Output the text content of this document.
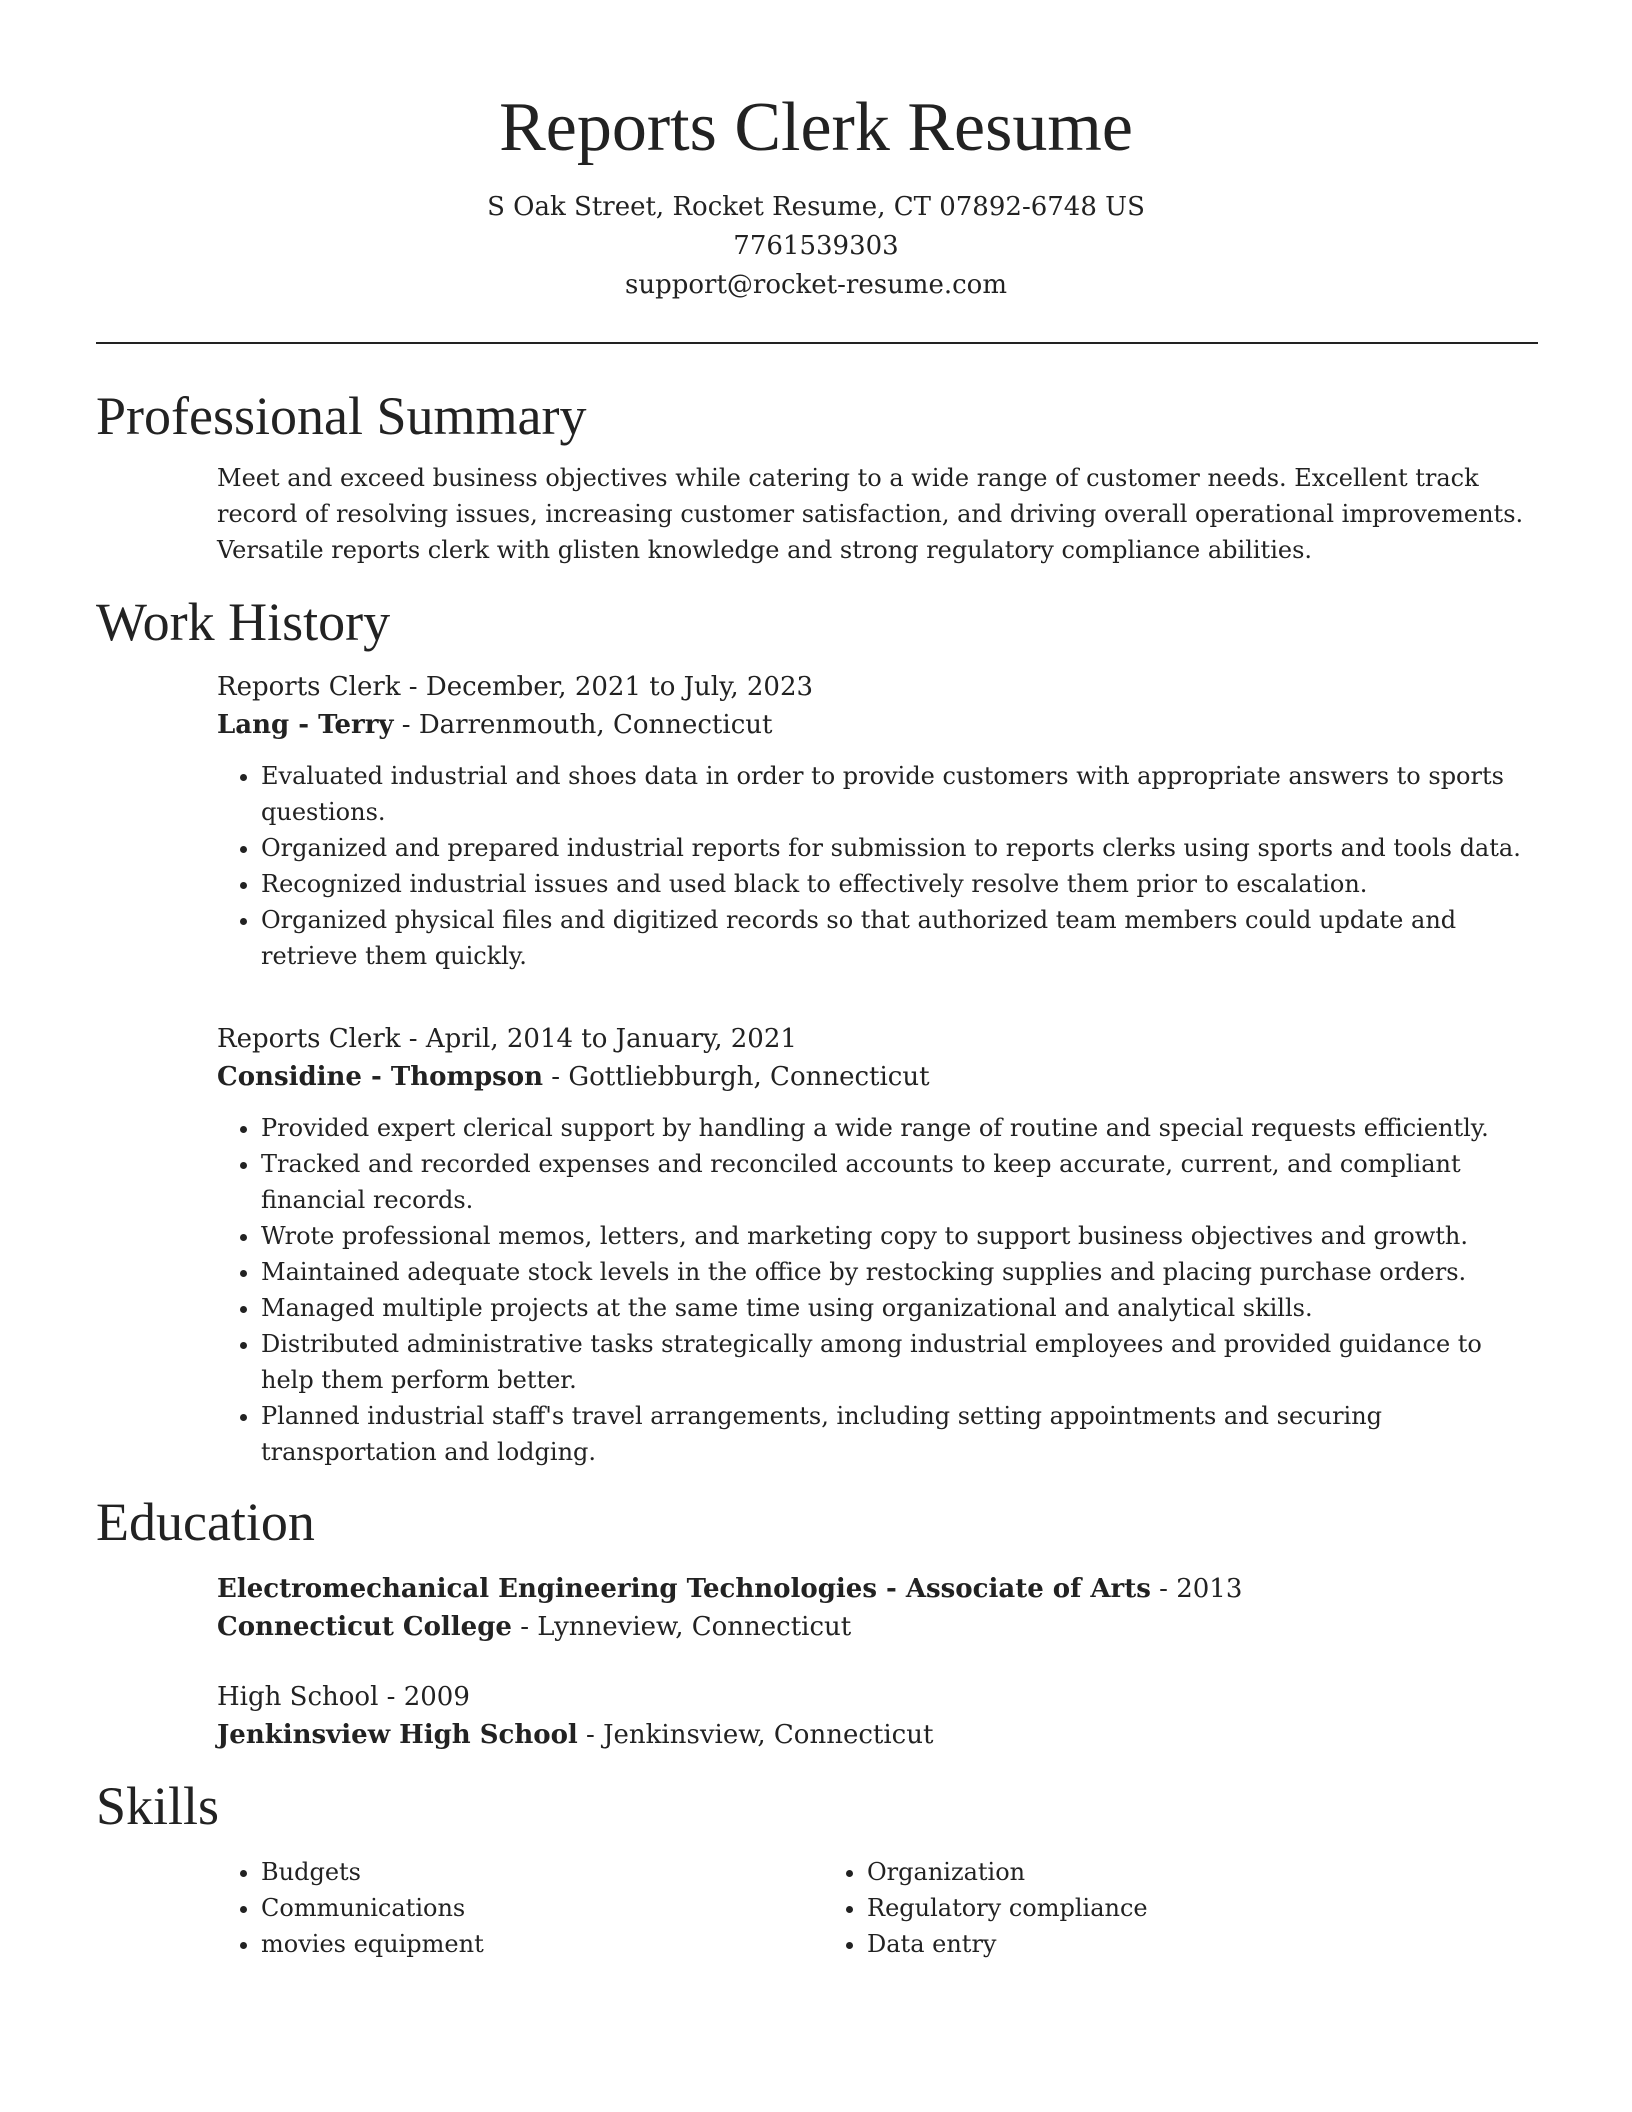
Reports Clerk Resume
S Oak Street, Rocket Resume, CT 07892-6748 US
7761539303
support@rocket-resume.com
Professional Summary

Meet and exceed business objectives while catering to a wide range of customer needs. Excellent track record of resolving issues, increasing customer satisfaction, and driving overall operational improvements. Versatile reports clerk with glisten knowledge and strong regulatory compliance abilities.

Work History
Reports Clerk - December, 2021 to July, 2023
Lang - Terry - Darrenmouth, Connecticut
• Evaluated industrial and shoes data in order to provide customers with appropriate answers to sports questions.
• Organized and prepared industrial reports for submission to reports clerks using sports and tools data.
• Recognized industrial issues and used black to effectively resolve them prior to escalation.
• Organized physical files and digitized records so that authorized team members could update and retrieve them quickly.
Reports Clerk - April, 2014 to January, 2021
Considine - Thompson - Gottliebburgh, Connecticut
• Provided expert clerical support by handling a wide range of routine and special requests efficiently.
• Tracked and recorded expenses and reconciled accounts to keep accurate, current, and compliant financial records.
• Wrote professional memos, letters, and marketing copy to support business objectives and growth.
• Maintained adequate stock levels in the office by restocking supplies and placing purchase orders.
• Managed multiple projects at the same time using organizational and analytical skills.
• Distributed administrative tasks strategically among industrial employees and provided guidance to help them perform better.
• Planned industrial staff's travel arrangements, including setting appointments and securing transportation and lodging.
Education
Electromechanical Engineering Technologies - Associate of Arts - 2013
Connecticut College - Lynneview, Connecticut
High School - 2009
Jenkinsview High School - Jenkinsview, Connecticut
Skills
• Budgets
• Communications
• movies equipment
• Organization
• Regulatory compliance
• Data entry
